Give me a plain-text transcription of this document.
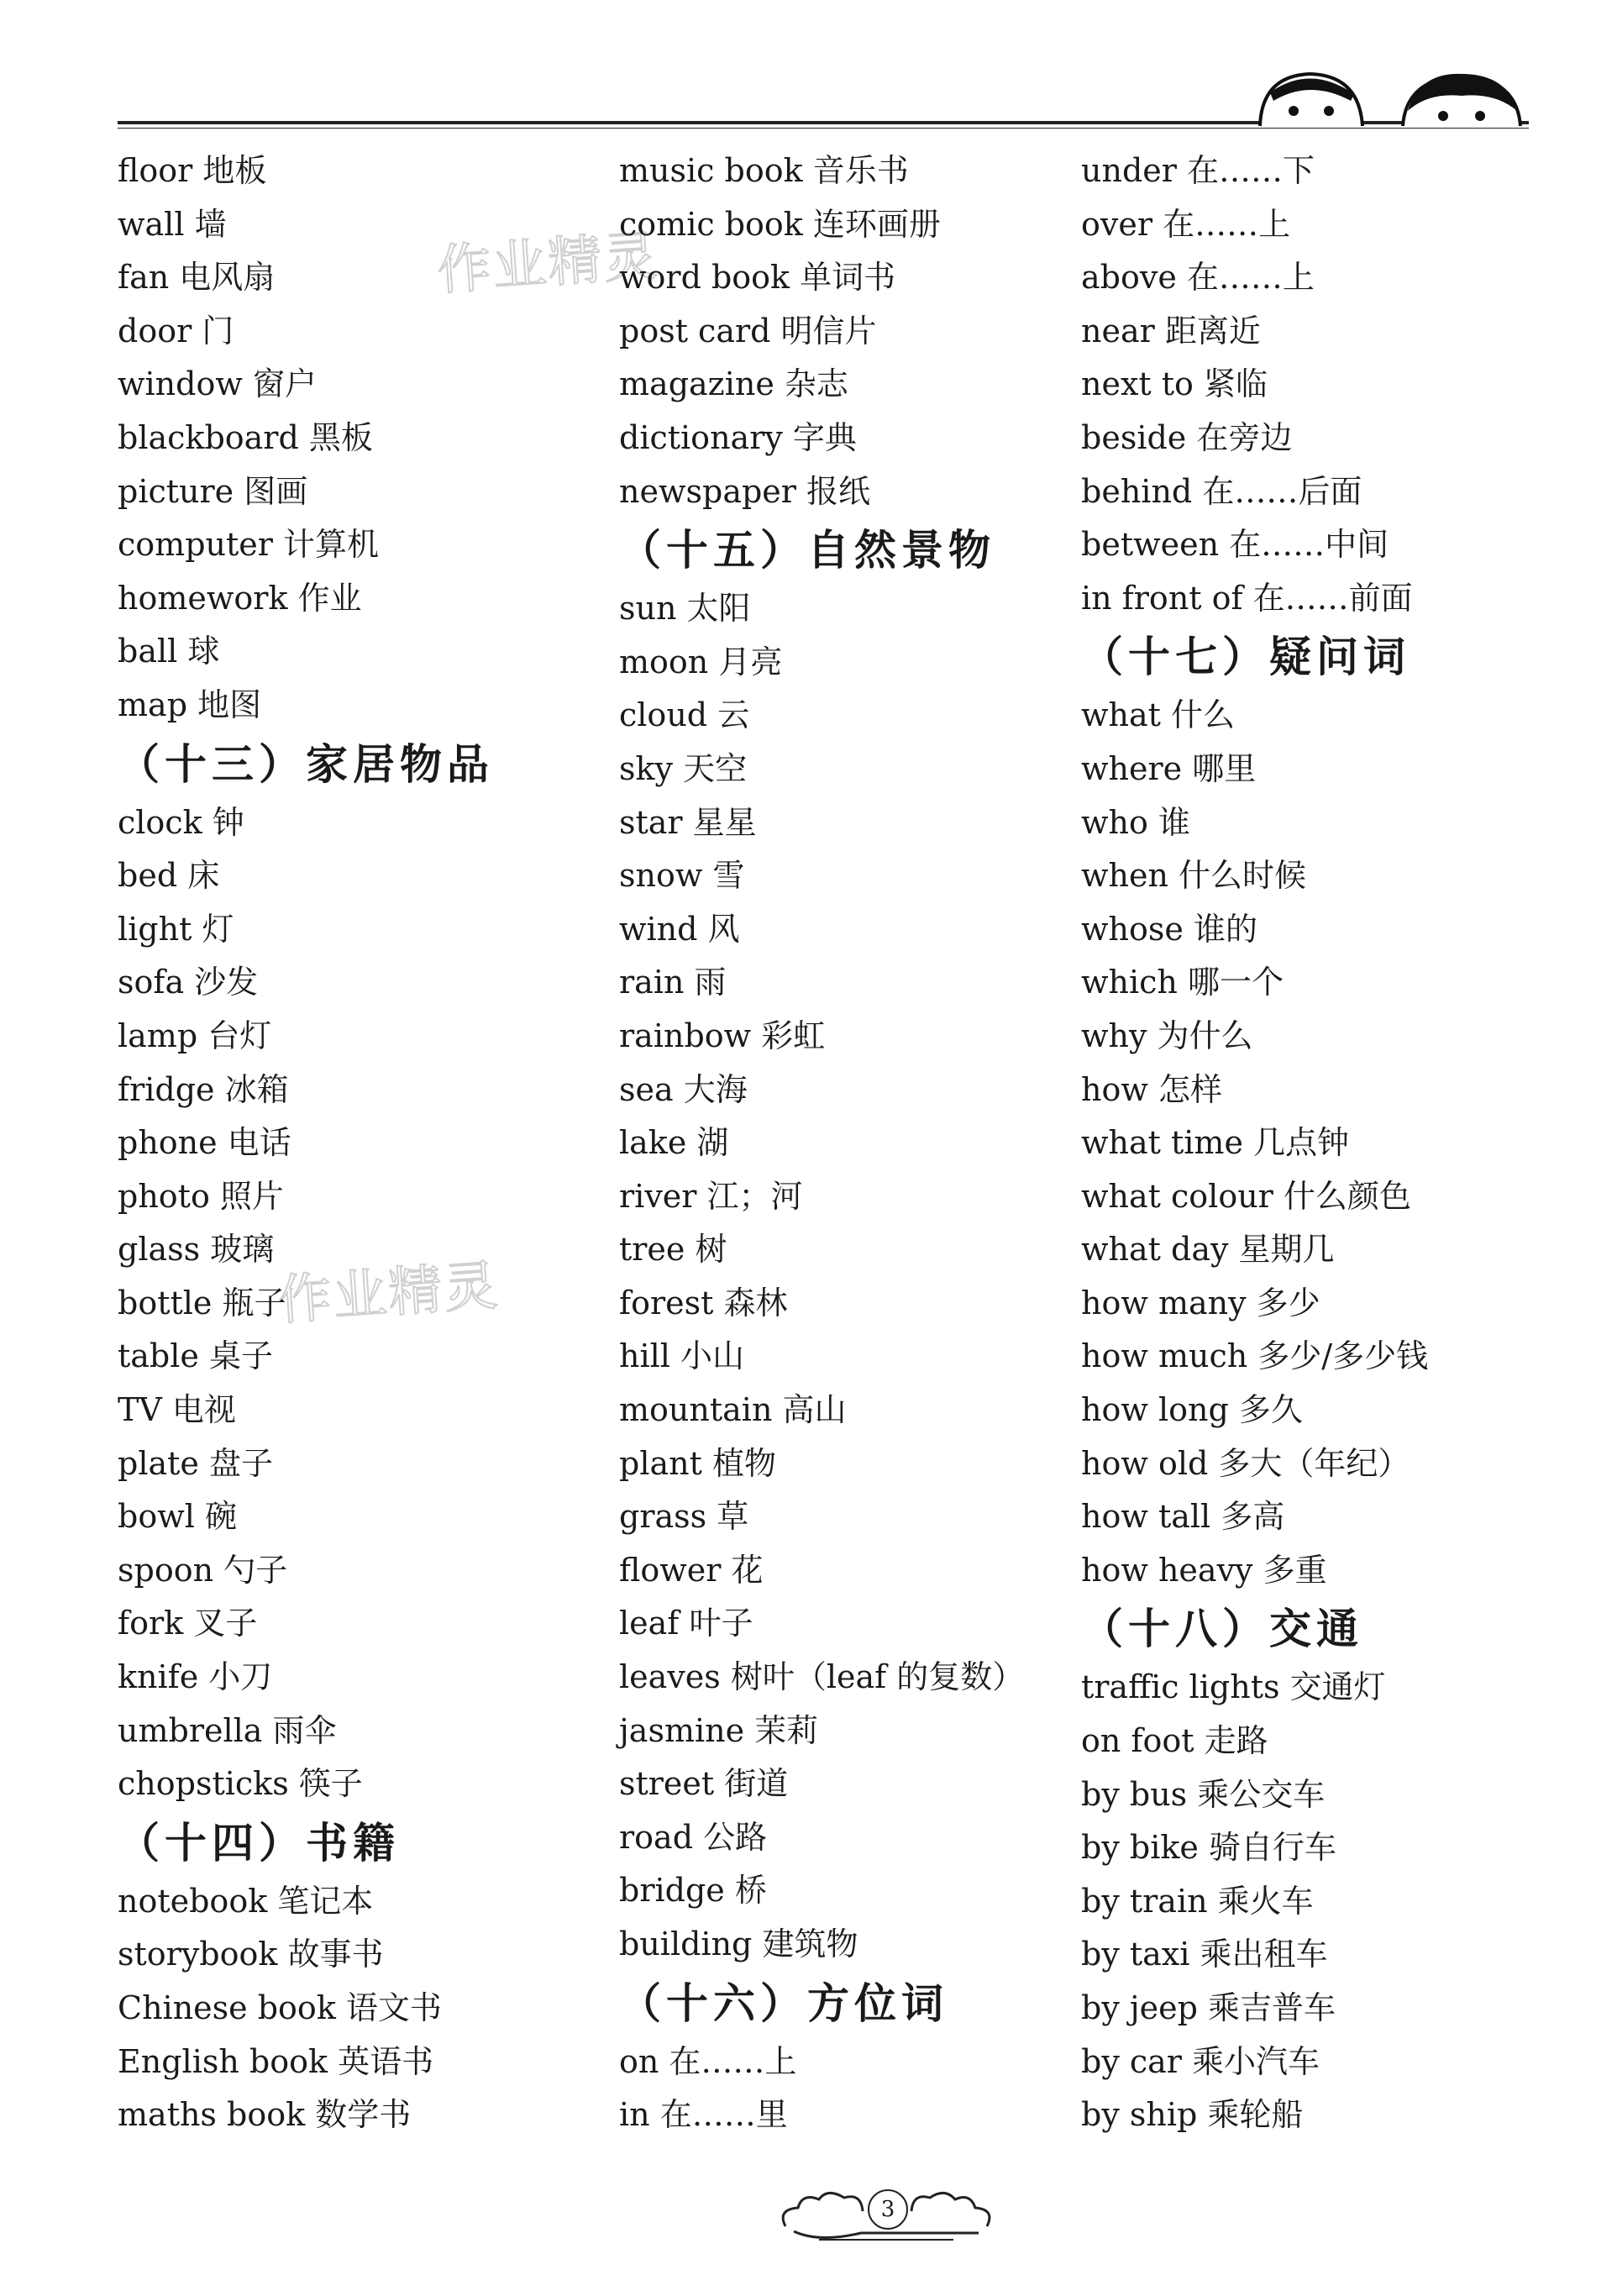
作业精灵
作业精灵
floor 地板
wall 墙
fan 电风扇
door 门
window 窗户
blackboard 黑板
picture 图画
computer 计算机
homework 作业
ball 球
map 地图
（十三）家居物品
clock 钟
bed 床
light 灯
sofa 沙发
lamp 台灯
fridge 冰箱
phone 电话
photo 照片
glass 玻璃
bottle 瓶子
table 桌子
TV 电视
plate 盘子
bowl 碗
spoon 勺子
fork 叉子
knife 小刀
umbrella 雨伞
chopsticks 筷子
（十四）书籍
notebook 笔记本
storybook 故事书
Chinese book 语文书
English book 英语书
maths book 数学书
music book 音乐书
comic book 连环画册
word book 单词书
post card 明信片
magazine 杂志
dictionary 字典
newspaper 报纸
（十五）自然景物
sun 太阳
moon 月亮
cloud 云
sky 天空
star 星星
snow 雪
wind 风
rain 雨
rainbow 彩虹
sea 大海
lake 湖
river 江；河
tree 树
forest 森林
hill 小山
mountain 高山
plant 植物
grass 草
flower 花
leaf 叶子
leaves 树叶（leaf 的复数）
jasmine 茉莉
street 街道
road 公路
bridge 桥
building 建筑物
（十六）方位词
on 在……上
in 在……里
under 在……下
over 在……上
above 在……上
near 距离近
next to 紧临
beside 在旁边
behind 在……后面
between 在……中间
in front of 在……前面
（十七）疑问词
what 什么
where 哪里
who 谁
when 什么时候
whose 谁的
which 哪一个
why 为什么
how 怎样
what time 几点钟
what colour 什么颜色
what day 星期几
how many 多少
how much 多少/多少钱
how long 多久
how old 多大（年纪）
how tall 多高
how heavy 多重
（十八）交通
traffic lights 交通灯
on foot 走路
by bus 乘公交车
by bike 骑自行车
by train 乘火车
by taxi 乘出租车
by jeep 乘吉普车
by car 乘小汽车
by ship 乘轮船
3
